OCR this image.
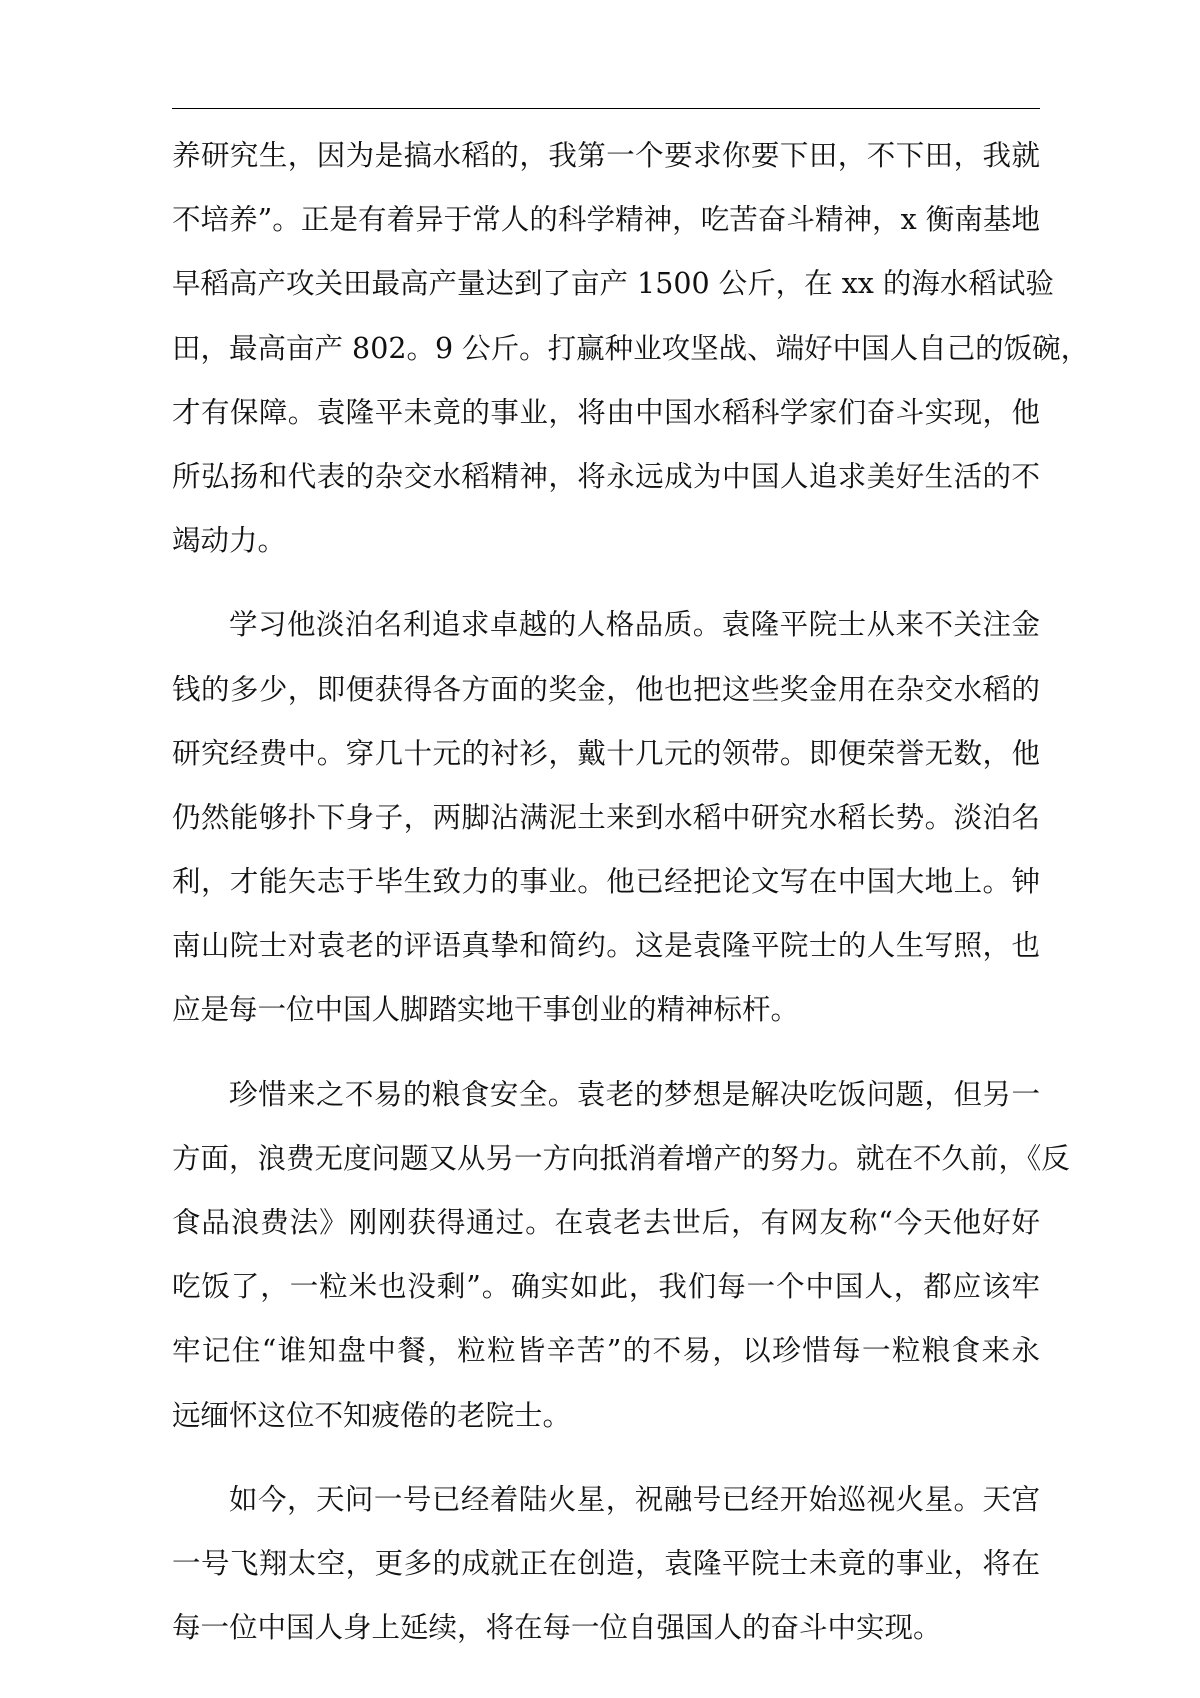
养研究生，因为是搞水稻的，我第一个要求你要下田，不下田，我就
不培养”。正是有着异于常人的科学精神，吃苦奋斗精神，x 衡南基地
早稻高产攻关田最高产量达到了亩产 1500 公斤，在 xx 的海水稻试验
田，最高亩产 802。9 公斤。打赢种业攻坚战、端好中国人自己的饭碗，
才有保障。袁隆平未竟的事业，将由中国水稻科学家们奋斗实现，他
所弘扬和代表的杂交水稻精神，将永远成为中国人追求美好生活的不
竭动力。
学习他淡泊名利追求卓越的人格品质。袁隆平院士从来不关注金
钱的多少，即便获得各方面的奖金，他也把这些奖金用在杂交水稻的
研究经费中。穿几十元的衬衫，戴十几元的领带。即便荣誉无数，他
仍然能够扑下身子，两脚沾满泥土来到水稻中研究水稻长势。淡泊名
利，才能矢志于毕生致力的事业。他已经把论文写在中国大地上。钟
南山院士对袁老的评语真挚和简约。这是袁隆平院士的人生写照，也
应是每一位中国人脚踏实地干事创业的精神标杆。
珍惜来之不易的粮食安全。袁老的梦想是解决吃饭问题，但另一
方面，浪费无度问题又从另一方向抵消着增产的努力。就在不久前，《反
食品浪费法》刚刚获得通过。在袁老去世后，有网友称“今天他好好
吃饭了，一粒米也没剩”。确实如此，我们每一个中国人，都应该牢
牢记住“谁知盘中餐，粒粒皆辛苦”的不易，以珍惜每一粒粮食来永
远缅怀这位不知疲倦的老院士。
如今，天问一号已经着陆火星，祝融号已经开始巡视火星。天宫
一号飞翔太空，更多的成就正在创造，袁隆平院士未竟的事业，将在
每一位中国人身上延续，将在每一位自强国人的奋斗中实现。
